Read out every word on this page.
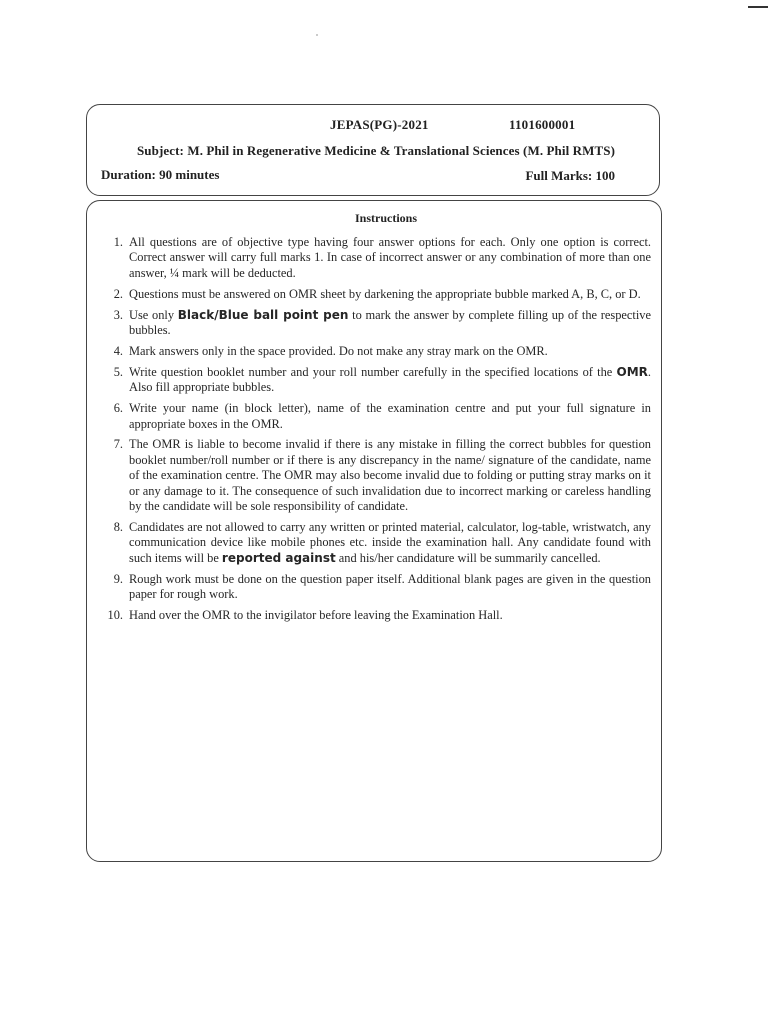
JEPAS(PG)-2021	1101600001
Subject: M. Phil in Regenerative Medicine & Translational Sciences (M. Phil RMTS)
Duration: 90 minutes	Full Marks: 100
Instructions
1. All questions are of objective type having four answer options for each. Only one option is correct. Correct answer will carry full marks 1. In case of incorrect answer or any combination of more than one answer, ¼ mark will be deducted.
2. Questions must be answered on OMR sheet by darkening the appropriate bubble marked A, B, C, or D.
3. Use only Black/Blue ball point pen to mark the answer by complete filling up of the respective bubbles.
4. Mark answers only in the space provided. Do not make any stray mark on the OMR.
5. Write question booklet number and your roll number carefully in the specified locations of the OMR. Also fill appropriate bubbles.
6. Write your name (in block letter), name of the examination centre and put your full signature in appropriate boxes in the OMR.
7. The OMR is liable to become invalid if there is any mistake in filling the correct bubbles for question booklet number/roll number or if there is any discrepancy in the name/ signature of the candidate, name of the examination centre. The OMR may also become invalid due to folding or putting stray marks on it or any damage to it. The consequence of such invalidation due to incorrect marking or careless handling by the candidate will be sole responsibility of candidate.
8. Candidates are not allowed to carry any written or printed material, calculator, log-table, wristwatch, any communication device like mobile phones etc. inside the examination hall. Any candidate found with such items will be reported against and his/her candidature will be summarily cancelled.
9. Rough work must be done on the question paper itself. Additional blank pages are given in the question paper for rough work.
10. Hand over the OMR to the invigilator before leaving the Examination Hall.
